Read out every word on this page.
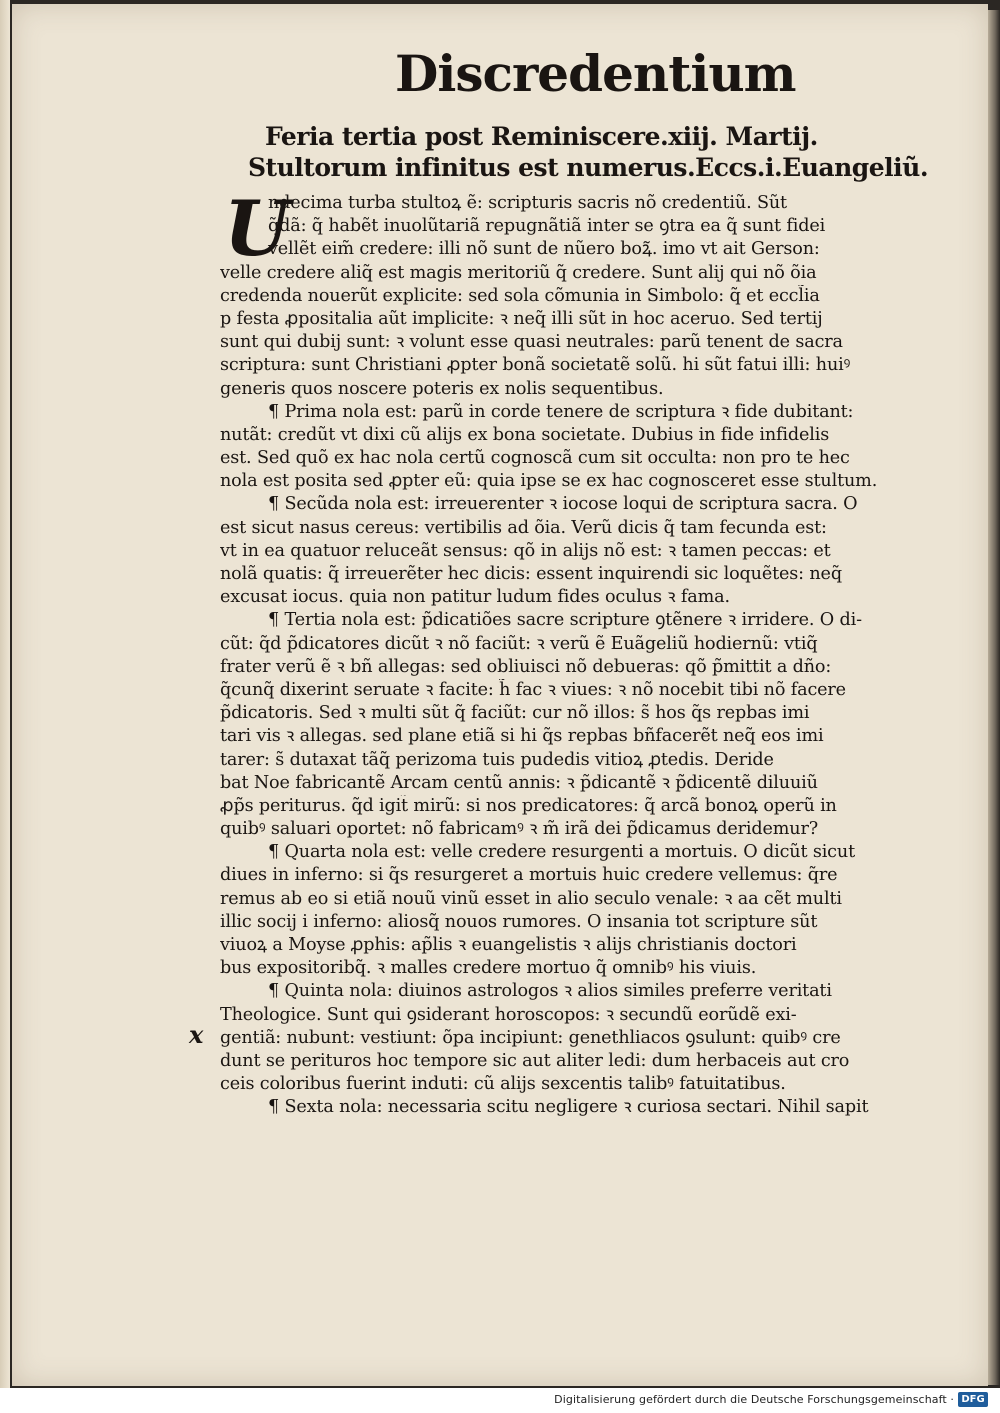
Discredentium
Feria tertia post Reminiscere.xiij. Martij.
Stultorum infinitus est numerus.Eccs.i.Euangeliũ.
U
x
ndecima turba stultoꝝ ẽ: scripturis sacris nõ credentiũ. Sũt
q̃dã: q̃ habẽt inuolũtariã repugnãtiã inter se ꝯtra ea q̃ sunt fidei
vellẽt eim̃ credere: illi nõ sunt de nũero boꝝ̃. imo vt ait Gerson:
velle credere aliq̃ est magis meritoriũ q̃ credere. Sunt alij qui nõ õia
credenda nouerũt explicite: sed sola cõmunia in Simbolo: q̃ et eccl̃ia
p festa ꝓpositalia aũt implicite: ꝛ neq̃ illi sũt in hoc aceruo. Sed tertij
sunt qui dubij sunt: ꝛ volunt esse quasi neutrales: parũ tenent de sacra
scriptura: sunt Christiani ꝓpter bonã societatẽ solũ. hi sũt fatui illi: huiꝰ
generis quos noscere poteris ex nolis sequentibus.
¶ Prima nola est: parũ in corde tenere de scriptura ꝛ fide dubitant:
nutãt: credũt vt dixi cũ alijs ex bona societate. Dubius in fide infidelis
est. Sed quõ ex hac nola certũ cognoscã cum sit occulta: non pro te hec
nola est posita sed ꝓpter eũ: quia ipse se ex hac cognosceret esse stultum.
¶ Secũda nola est: irreuerenter ꝛ iocose loqui de scriptura sacra. O
est sicut nasus cereus: vertibilis ad õia. Verũ dicis q̃ tam fecunda est:
vt in ea quatuor reluceãt sensus: qõ in alijs nõ est: ꝛ tamen peccas: et
nolã quatis: q̃ irreuerẽter hec dicis: essent inquirendi sic loquẽtes: neq̃
excusat iocus. quia non patitur ludum fides oculus ꝛ fama.
¶ Tertia nola est: p̃dicatiões sacre scripture ꝯtẽnere ꝛ irridere. O di-
cũt: q̃d p̃dicatores dicũt ꝛ nõ faciũt: ꝛ verũ ẽ Euãgeliũ hodiernũ: vtiq̃
frater verũ ẽ ꝛ bñ allegas: sed obliuisci nõ debueras: qõ p̃mittit a dño:
q̃cunq̃ dixerint seruate ꝛ facite: h̃ fac ꝛ viues: ꝛ nõ nocebit tibi nõ facere
p̃dicatoris. Sed ꝛ multi sũt q̃ faciũt: cur nõ illos: s̃ hos q̃s repbas imi
tari vis ꝛ allegas. sed plane etiã si hi q̃s repbas bñfacerẽt neq̃ eos imi
tarer: s̃ dutaxat tãq̃ perizoma tuis pudedis vitioꝝ ꝓtedis. Deride
bat Noe fabricantẽ Arcam centũ annis: ꝛ p̃dicantẽ ꝛ p̃dicentẽ diluuiũ
ꝓp̃s periturus. q̃d igit̃ mirũ: si nos predicatores: q̃ arcã bonoꝝ operũ in
quibꝰ saluari oportet: nõ fabricamꝰ ꝛ m̃ irã dei p̃dicamus deridemur?
¶ Quarta nola est: velle credere resurgenti a mortuis. O dicũt sicut
diues in inferno: si q̃s resurgeret a mortuis huic credere vellemus: q̃re
remus ab eo si etiã nouũ vinũ esset in alio seculo venale: ꝛ aa cẽt multi
illic socij i inferno: aliosq̃ nouos rumores. O insania tot scripture sũt
viuoꝝ a Moyse ꝓphis: ap̃lis ꝛ euangelistis ꝛ alijs christianis doctori
bus expositoribq̃. ꝛ malles credere mortuo q̃ omnibꝰ his viuis.
¶ Quinta nola: diuinos astrologos ꝛ alios similes preferre veritati
Theologice. Sunt qui ꝯsiderant horoscopos: ꝛ secundũ eorũdẽ exi-
gentiã: nubunt: vestiunt: õpa incipiunt: genethliacos ꝯsulunt: quibꝰ cre
dunt se perituros hoc tempore sic aut aliter ledi: dum herbaceis aut cro
ceis coloribus fuerint induti: cũ alijs sexcentis talibꝰ fatuitatibus.
¶ Sexta nola: necessaria scitu negligere ꝛ curiosa sectari. Nihil sapit
Digitalisierung gefördert durch die Deutsche Forschungsgemeinschaft · DFG
